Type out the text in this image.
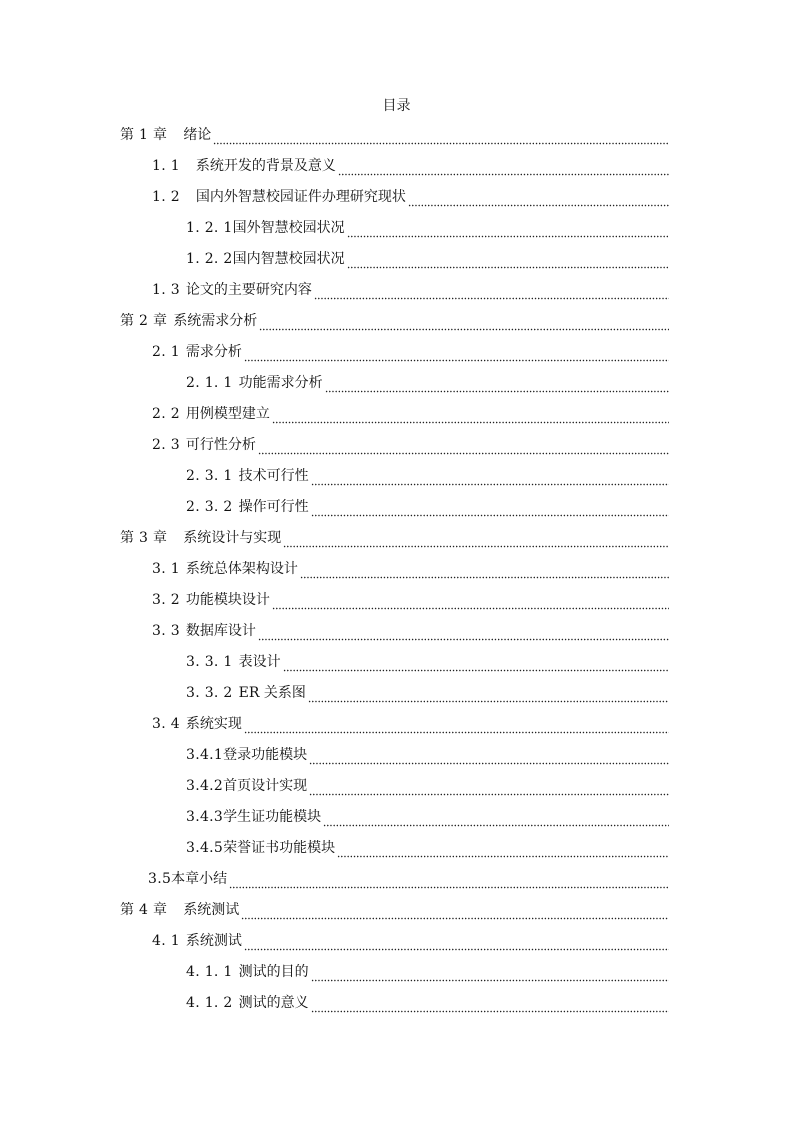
目录
第 1 章 绪论
1. 1 系统开发的背景及意义
1. 2 国内外智慧校园证件办理研究现状
1. 2. 1 国外智慧校园状况
1. 2. 2 国内智慧校园状况
1. 3 论文的主要研究内容
第 2 章 系统需求分析
2. 1 需求分析
2. 1. 1 功能需求分析
2. 2 用例模型建立
2. 3 可行性分析
2. 3. 1 技术可行性
2. 3. 2 操作可行性
第 3 章 系统设计与实现
3. 1 系统总体架构设计
3. 2 功能模块设计
3. 3 数据库设计
3. 3. 1 表设计
3. 3. 2 ER 关系图
3. 4 系统实现
3.4.1 登录功能模块
3.4.2 首页设计实现
3.4.3 学生证功能模块
3.4.5 荣誉证书功能模块
3.5 本章小结
第 4 章 系统测试
4. 1 系统测试
4. 1. 1 测试的目的
4. 1. 2 测试的意义
